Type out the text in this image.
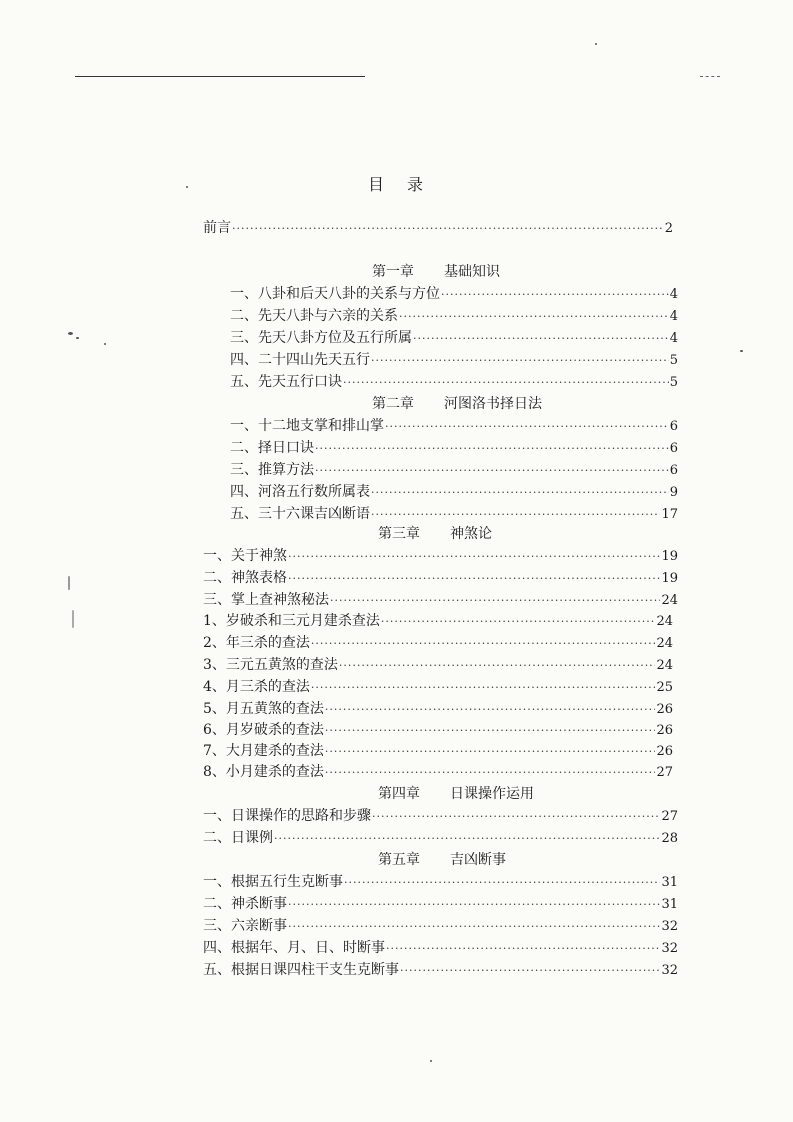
目 录
前言 ·····	2
第一章 基础知识
一、八卦和后天八卦的关系与方位 ·····	4
二、先天八卦与六亲的关系 ·····	4
三、先天八卦方位及五行所属 ·····	4
四、二十四山先天五行 ·····	5
五、先天五行口诀 ·····	5
第二章 河图洛书择日法
一、十二地支掌和排山掌 ·····	6
二、择日口诀 ·····	6
三、推算方法 ·····	6
四、河洛五行数所属表 ·····	9
五、三十六课吉凶断语 ·····	17
第三章 神煞论
一、关于神煞 ·····	19
二、神煞表格 ·····	19
三、掌上查神煞秘法 ·····	24
1、岁破杀和三元月建杀查法 ·····	24
2、年三杀的查法 ·····	24
3、三元五黄煞的查法 ·····	24
4、月三杀的查法 ·····	25
5、月五黄煞的查法 ·····	26
6、月岁破杀的查法 ·····	26
7、大月建杀的查法 ·····	26
8、小月建杀的查法 ·····	27
第四章 日课操作运用
一、日课操作的思路和步骤 ·····	27
二、日课例 ·····	28
第五章 吉凶断事
一、根据五行生克断事 ·····	31
二、神杀断事 ·····	31
三、六亲断事 ·····	32
四、根据年、月、日、时断事 ·····	32
五、根据日课四柱干支生克断事 ·····	32
